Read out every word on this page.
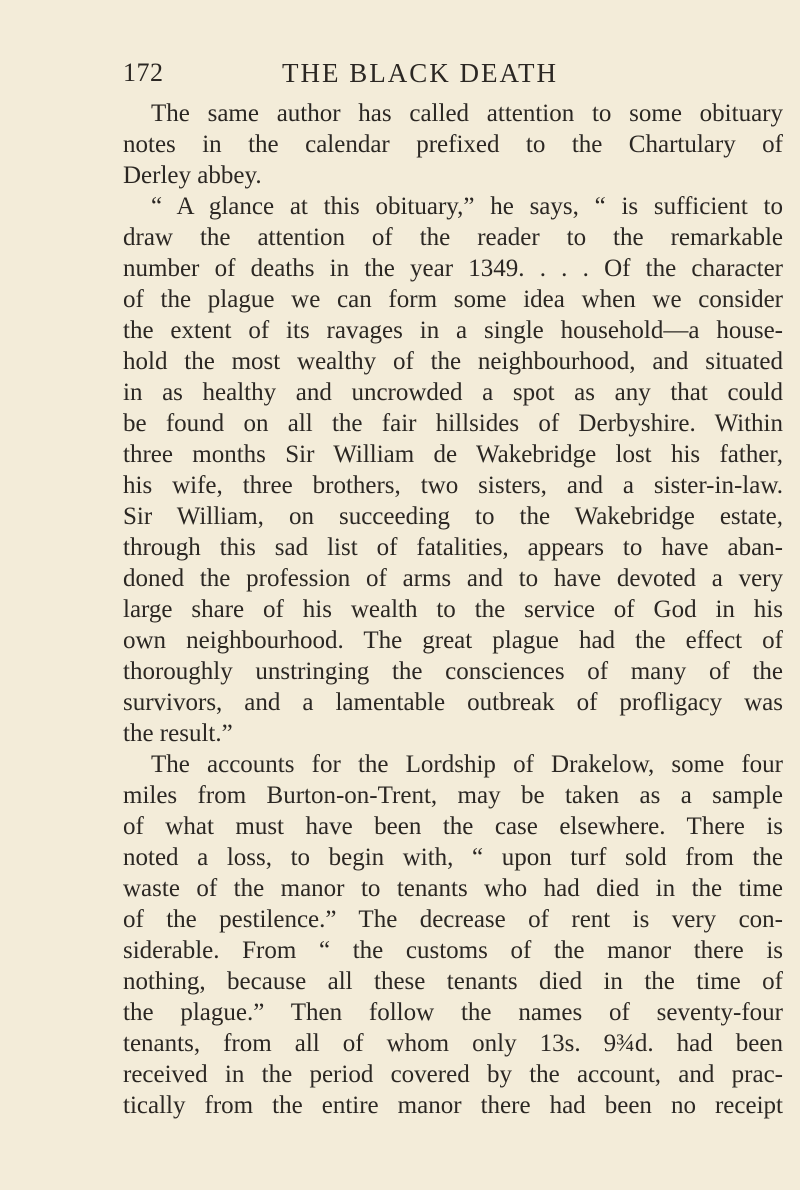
172	THE BLACK DEATH
The same author has called attention to some obituary
notes in the calendar prefixed to the Chartulary of
Derley abbey.
“ A glance at this obituary,” he says, “ is sufficient to
draw the attention of the reader to the remarkable
number of deaths in the year 1349. . . . Of the character
of the plague we can form some idea when we consider
the extent of its ravages in a single household—a house-
hold the most wealthy of the neighbourhood, and situated
in as healthy and uncrowded a spot as any that could
be found on all the fair hillsides of Derbyshire. Within
three months Sir William de Wakebridge lost his father,
his wife, three brothers, two sisters, and a sister-in-law.
Sir William, on succeeding to the Wakebridge estate,
through this sad list of fatalities, appears to have aban-
doned the profession of arms and to have devoted a very
large share of his wealth to the service of God in his
own neighbourhood. The great plague had the effect of
thoroughly unstringing the consciences of many of the
survivors, and a lamentable outbreak of profligacy was
the result.”
The accounts for the Lordship of Drakelow, some four
miles from Burton-on-Trent, may be taken as a sample
of what must have been the case elsewhere. There is
noted a loss, to begin with, “ upon turf sold from the
waste of the manor to tenants who had died in the time
of the pestilence.” The decrease of rent is very con-
siderable. From “ the customs of the manor there is
nothing, because all these tenants died in the time of
the plague.” Then follow the names of seventy-four
tenants, from all of whom only 13s. 9¾d. had been
received in the period covered by the account, and prac-
tically from the entire manor there had been no receipt
